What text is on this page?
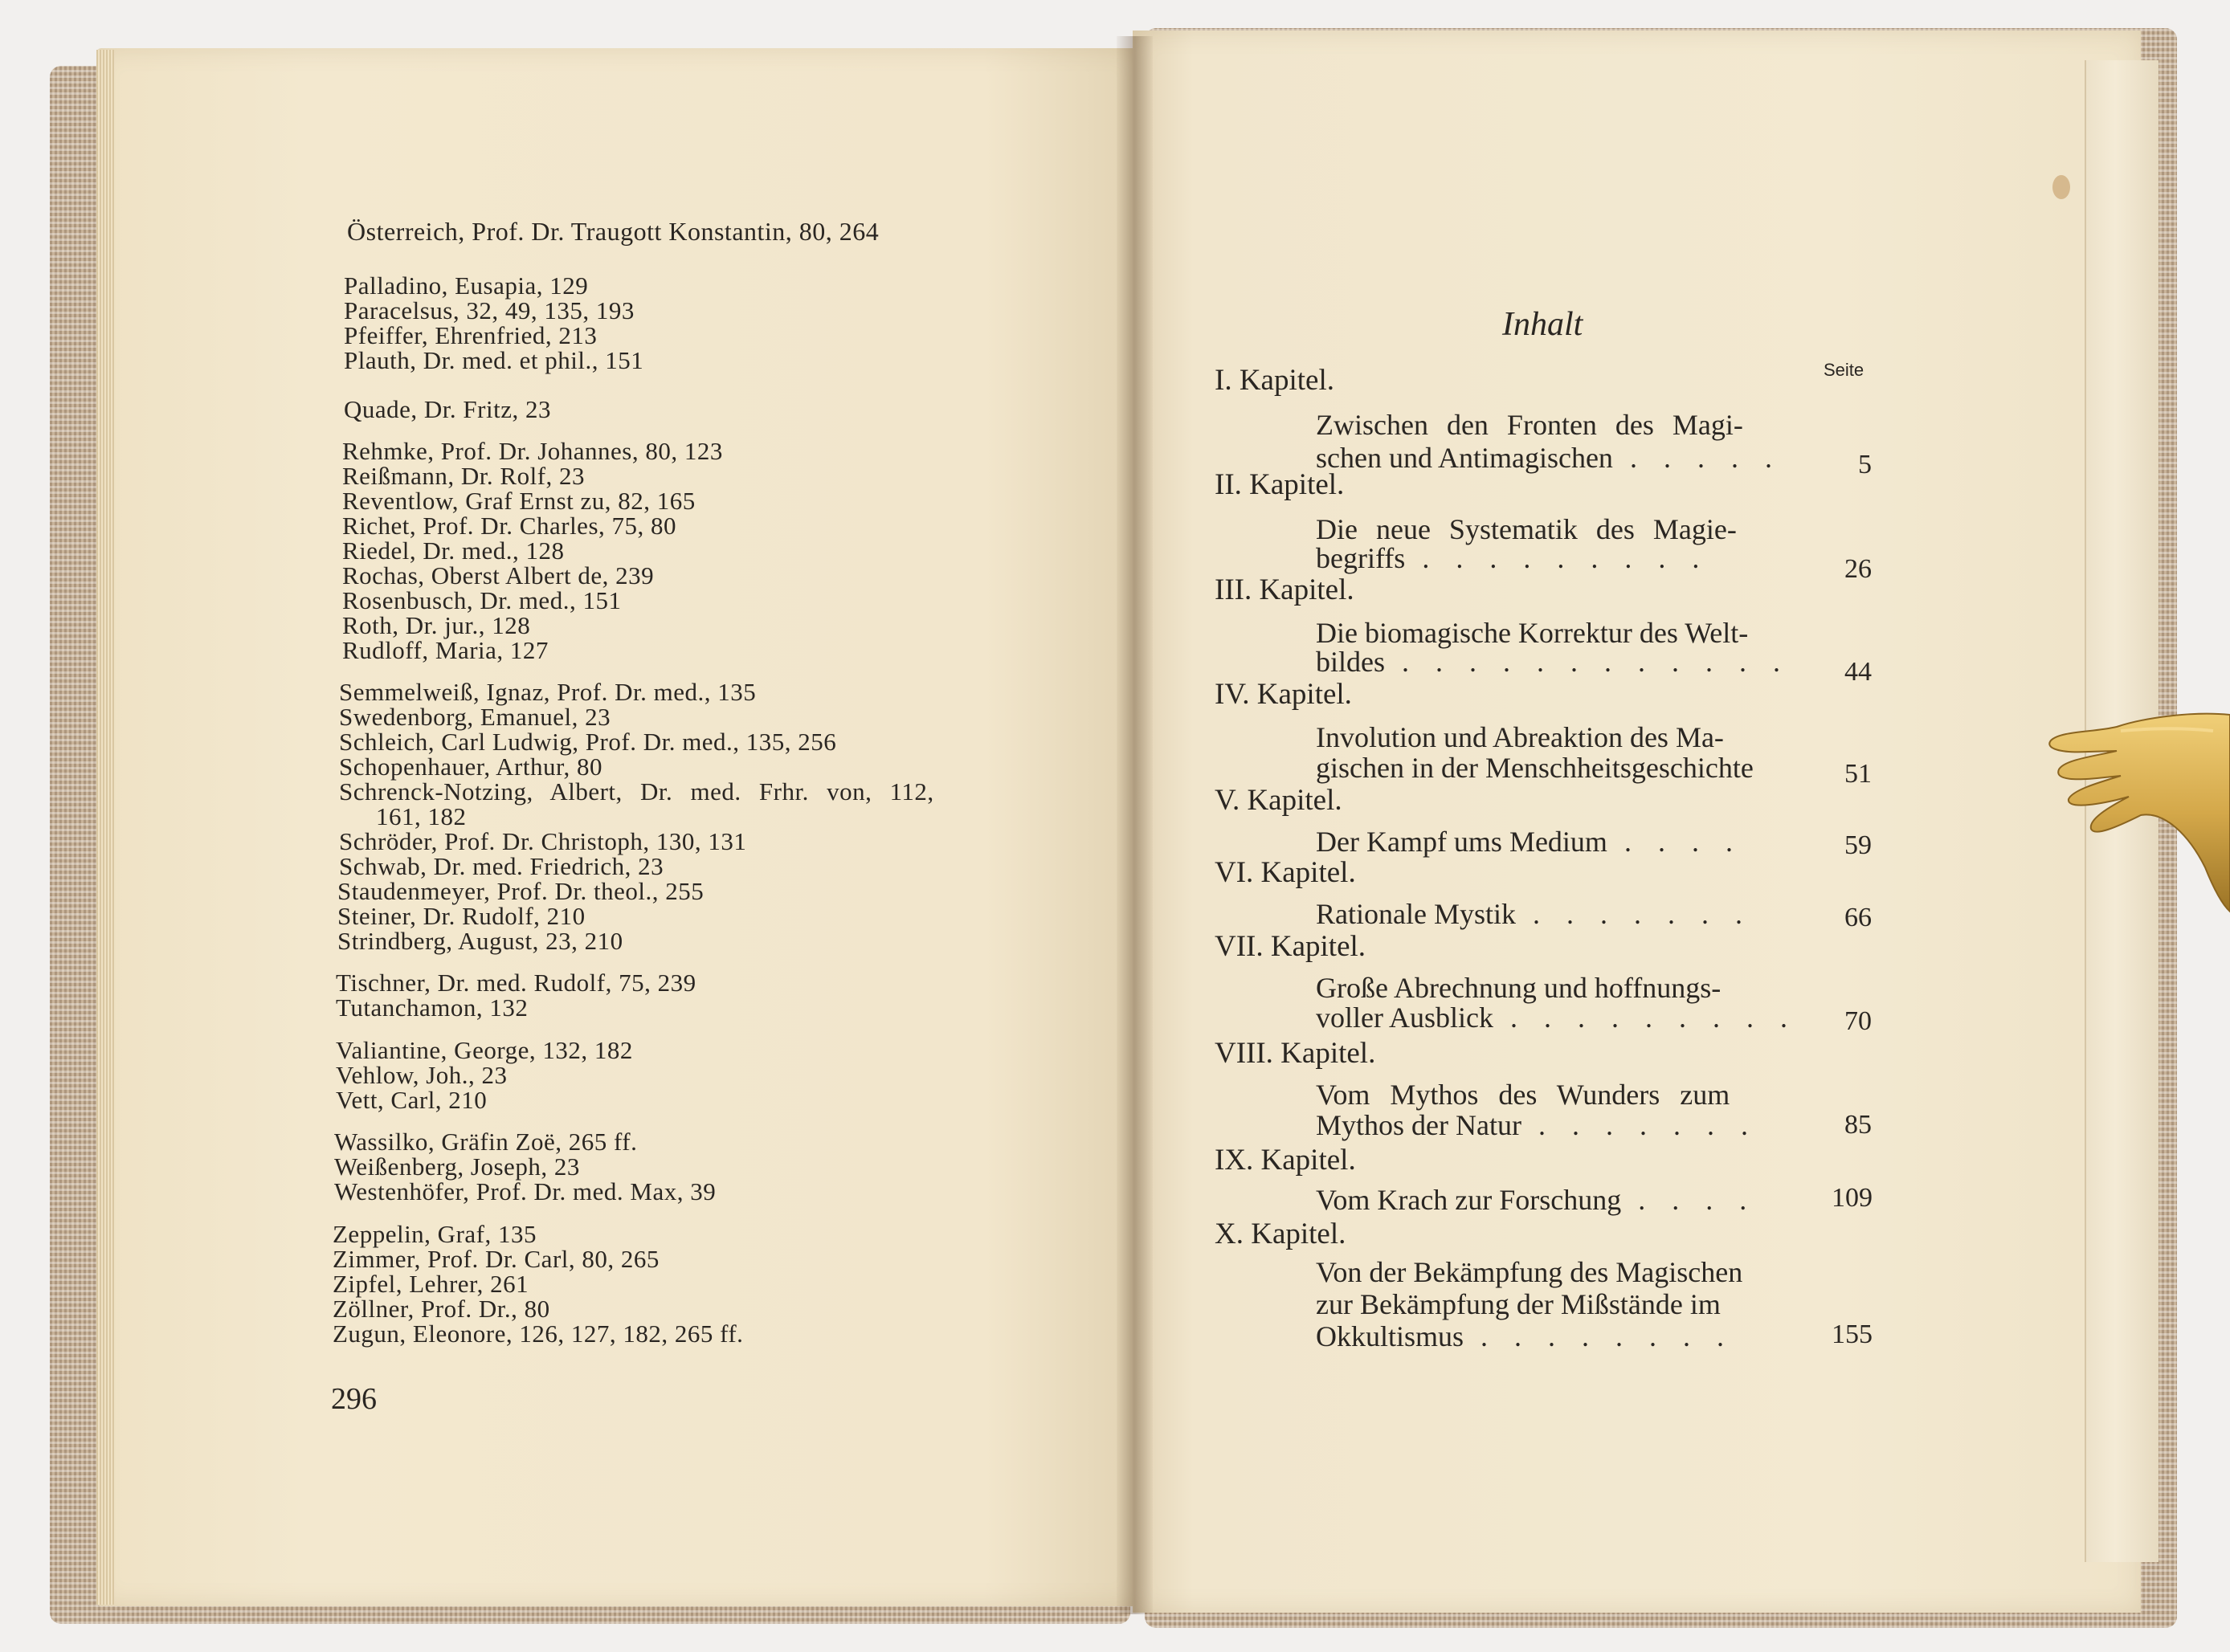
Österreich, Prof. Dr. Traugott Konstantin, 80, 264
Palladino, Eusapia, 129
Paracelsus, 32, 49, 135, 193
Pfeiffer, Ehrenfried, 213
Plauth, Dr. med. et phil., 151
Quade, Dr. Fritz, 23
Rehmke, Prof. Dr. Johannes, 80, 123
Reißmann, Dr. Rolf, 23
Reventlow, Graf Ernst zu, 82, 165
Richet, Prof. Dr. Charles, 75, 80
Riedel, Dr. med., 128
Rochas, Oberst Albert de, 239
Rosenbusch, Dr. med., 151
Roth, Dr. jur., 128
Rudloff, Maria, 127
Semmelweiß, Ignaz, Prof. Dr. med., 135
Swedenborg, Emanuel, 23
Schleich, Carl Ludwig, Prof. Dr. med., 135, 256
Schopenhauer, Arthur, 80
Schrenck-Notzing, Albert, Dr. med. Frhr. von, 112,
161, 182
Schröder, Prof. Dr. Christoph, 130, 131
Schwab, Dr. med. Friedrich, 23
Staudenmeyer, Prof. Dr. theol., 255
Steiner, Dr. Rudolf, 210
Strindberg, August, 23, 210
Tischner, Dr. med. Rudolf, 75, 239
Tutanchamon, 132
Valiantine, George, 132, 182
Vehlow, Joh., 23
Vett, Carl, 210
Wassilko, Gräfin Zoë, 265 ff.
Weißenberg, Joseph, 23
Westenhöfer, Prof. Dr. med. Max, 39
Zeppelin, Graf, 135
Zimmer, Prof. Dr. Carl, 80, 265
Zipfel, Lehrer, 261
Zöllner, Prof. Dr., 80
Zugun, Eleonore, 126, 127, 182, 265 ff.
296
Inhalt
Seite
I. Kapitel.
Zwischen den Fronten des Magi-
schen und Antimagischen . . . . .	5
II. Kapitel.
Die neue Systematik des Magie-
begriffs . . . . . . . . .	26
III. Kapitel.
Die biomagische Korrektur des Welt-
bildes . . . . . . . . . . . .	44
IV. Kapitel.
Involution und Abreaktion des Ma-
gischen in der Menschheitsgeschichte	51
V. Kapitel.
Der Kampf ums Medium . . . .	59
VI. Kapitel.
Rationale Mystik . . . . . . .	66
VII. Kapitel.
Große Abrechnung und hoffnungs-
voller Ausblick . . . . . . . . .	70
VIII. Kapitel.
Vom Mythos des Wunders zum
Mythos der Natur . . . . . . .	85
IX. Kapitel.
Vom Krach zur Forschung . . . .	109
X. Kapitel.
Von der Bekämpfung des Magischen
zur Bekämpfung der Mißstände im
Okkultismus . . . . . . . .	155
